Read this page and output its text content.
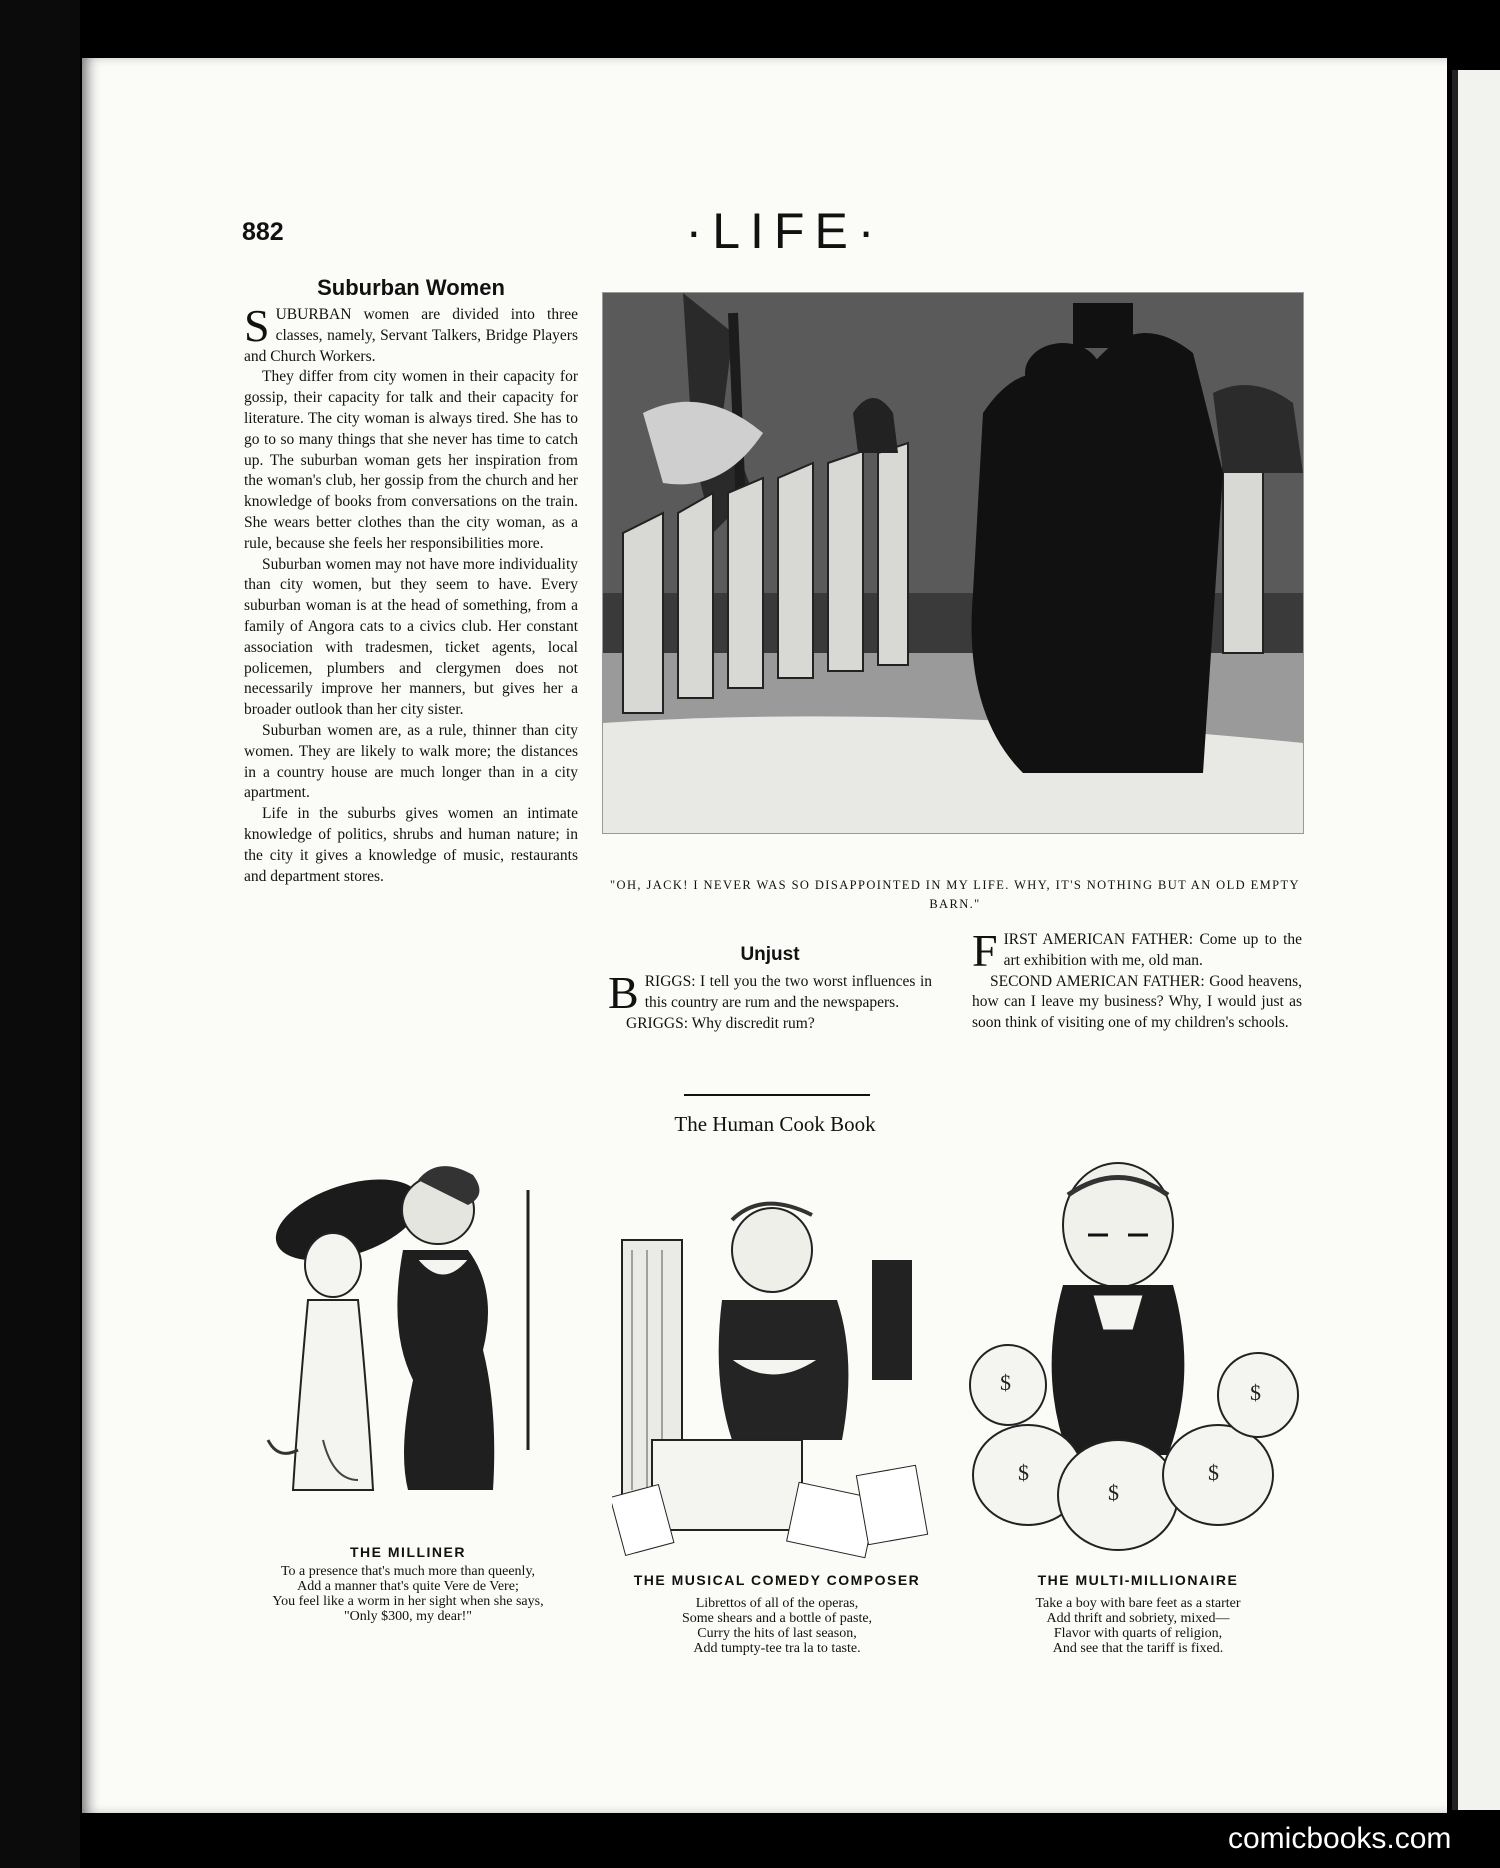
882	·LIFE·
Suburban Women

SUBURBAN women are divided into three classes, namely, Servant Talkers, Bridge Players and Church Workers.

They differ from city women in their capacity for gossip, their capacity for talk and their capacity for literature. The city woman is always tired. She has to go to so many things that she never has time to catch up. The suburban woman gets her inspiration from the woman's club, her gossip from the church and her knowledge of books from conversations on the train. She wears better clothes than the city woman, as a rule, because she feels her responsibilities more.

Suburban women may not have more individuality than city women, but they seem to have. Every suburban woman is at the head of something, from a family of Angora cats to a civics club. Her constant association with tradesmen, ticket agents, local policemen, plumbers and clergymen does not necessarily improve her manners, but gives her a broader outlook than her city sister.

Suburban women are, as a rule, thinner than city women. They are likely to walk more; the distances in a country house are much longer than in a city apartment.

Life in the suburbs gives women an intimate knowledge of politics, shrubs and human nature; in the city it gives a knowledge of music, restaurants and department stores.

"OH, JACK! I NEVER WAS SO DISAPPOINTED IN MY LIFE. WHY, IT'S NOTHING BUT AN OLD EMPTY BARN."
Unjust

BRIGGS: I tell you the two worst influences in this country are rum and the newspapers.

GRIGGS: Why discredit rum?

FIRST AMERICAN FATHER: Come up to the art exhibition with me, old man.

SECOND AMERICAN FATHER: Good heavens, how can I leave my business? Why, I would just as soon think of visiting one of my children's schools.

The Human Cook Book
THE MILLINER
To a presence that's much more than queenly,
Add a manner that's quite Vere de Vere;
You feel like a worm in her sight when she says,
"Only $300, my dear!"
THE MUSICAL COMEDY COMPOSER
Librettos of all of the operas,
Some shears and a bottle of paste,
Curry the hits of last season,
Add tumpty-tee tra la to taste.
$
$
$
$
$
THE MULTI-MILLIONAIRE
Take a boy with bare feet as a starter
Add thrift and sobriety, mixed—
Flavor with quarts of religion,
And see that the tariff is fixed.
comicbooks.com
